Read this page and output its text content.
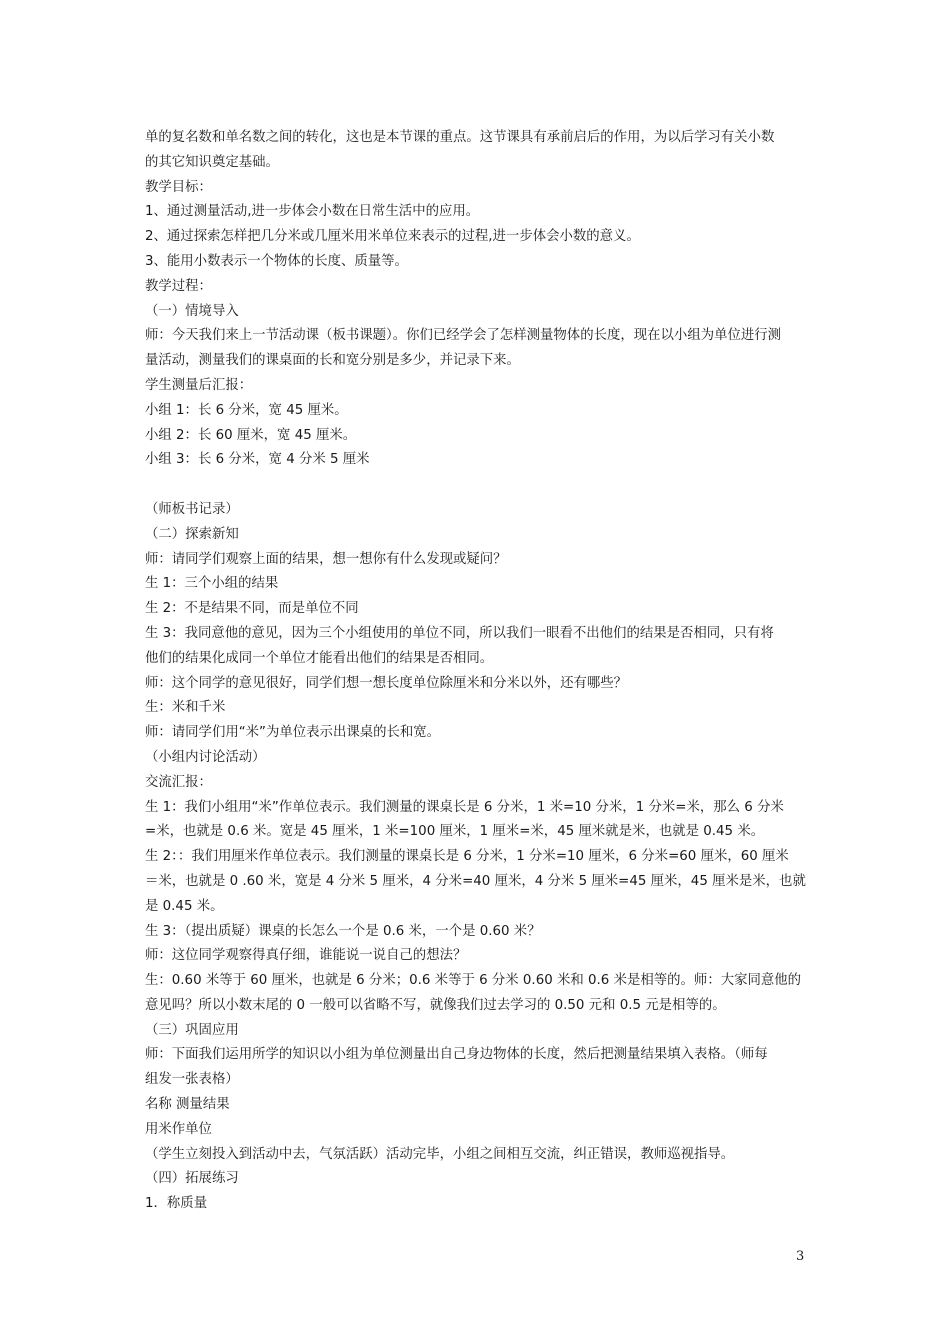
单的复名数和单名数之间的转化，这也是本节课的重点。这节课具有承前启后的作用，为以后学习有关小数
的其它知识奠定基础。
教学目标：
1、通过测量活动,进一步体会小数在日常生活中的应用。
2、通过探索怎样把几分米或几厘米用米单位来表示的过程,进一步体会小数的意义。
3、能用小数表示一个物体的长度、质量等。
教学过程：
（一）情境导入
师：今天我们来上一节活动课（板书课题）。你们已经学会了怎样测量物体的长度，现在以小组为单位进行测
量活动，测量我们的课桌面的长和宽分别是多少，并记录下来。
学生测量后汇报：
小组 1：长 6 分米，宽 45 厘米。
小组 2：长 60 厘米，宽 45 厘米。
小组 3：长 6 分米，宽 4 分米 5 厘米
（师板书记录）
（二）探索新知
师：请同学们观察上面的结果，想一想你有什么发现或疑问？
生 1：三个小组的结果
生 2：不是结果不同，而是单位不同
生 3：我同意他的意见，因为三个小组使用的单位不同，所以我们一眼看不出他们的结果是否相同，只有将
他们的结果化成同一个单位才能看出他们的结果是否相同。
师：这个同学的意见很好，同学们想一想长度单位除厘米和分米以外，还有哪些？
生：米和千米
师：请同学们用“米”为单位表示出课桌的长和宽。
（小组内讨论活动）
交流汇报：
生 1：我们小组用“米”作单位表示。我们测量的课桌长是 6 分米，1 米=10 分米，1 分米=米，那么 6 分米
=米，也就是 0.6 米。宽是 45 厘米，1 米=100 厘米，1 厘米=米，45 厘米就是米，也就是 0.45 米。
生 2：：我们用厘米作单位表示。我们测量的课桌长是 6 分米，1 分米=10 厘米，6 分米=60 厘米，60 厘米
＝米，也就是 0 .60 米，宽是 4 分米 5 厘米，4 分米=40 厘米，4 分米 5 厘米=45 厘米，45 厘米是米，也就
是 0.45 米。
生 3：（提出质疑）课桌的长怎么一个是 0.6 米，一个是 0.60 米？
师：这位同学观察得真仔细，谁能说一说自己的想法？
生：0.60 米等于 60 厘米，也就是 6 分米；0.6 米等于 6 分米 0.60 米和 0.6 米是相等的。师：大家同意他的
意见吗？所以小数末尾的 0 一般可以省略不写，就像我们过去学习的 0.50 元和 0.5 元是相等的。
（三）巩固应用
师：下面我们运用所学的知识以小组为单位测量出自己身边物体的长度，然后把测量结果填入表格。（师每
组发一张表格）
名称 测量结果
用米作单位
（学生立刻投入到活动中去，气氛活跃）活动完毕，小组之间相互交流，纠正错误，教师巡视指导。
（四）拓展练习
1．称质量
3
